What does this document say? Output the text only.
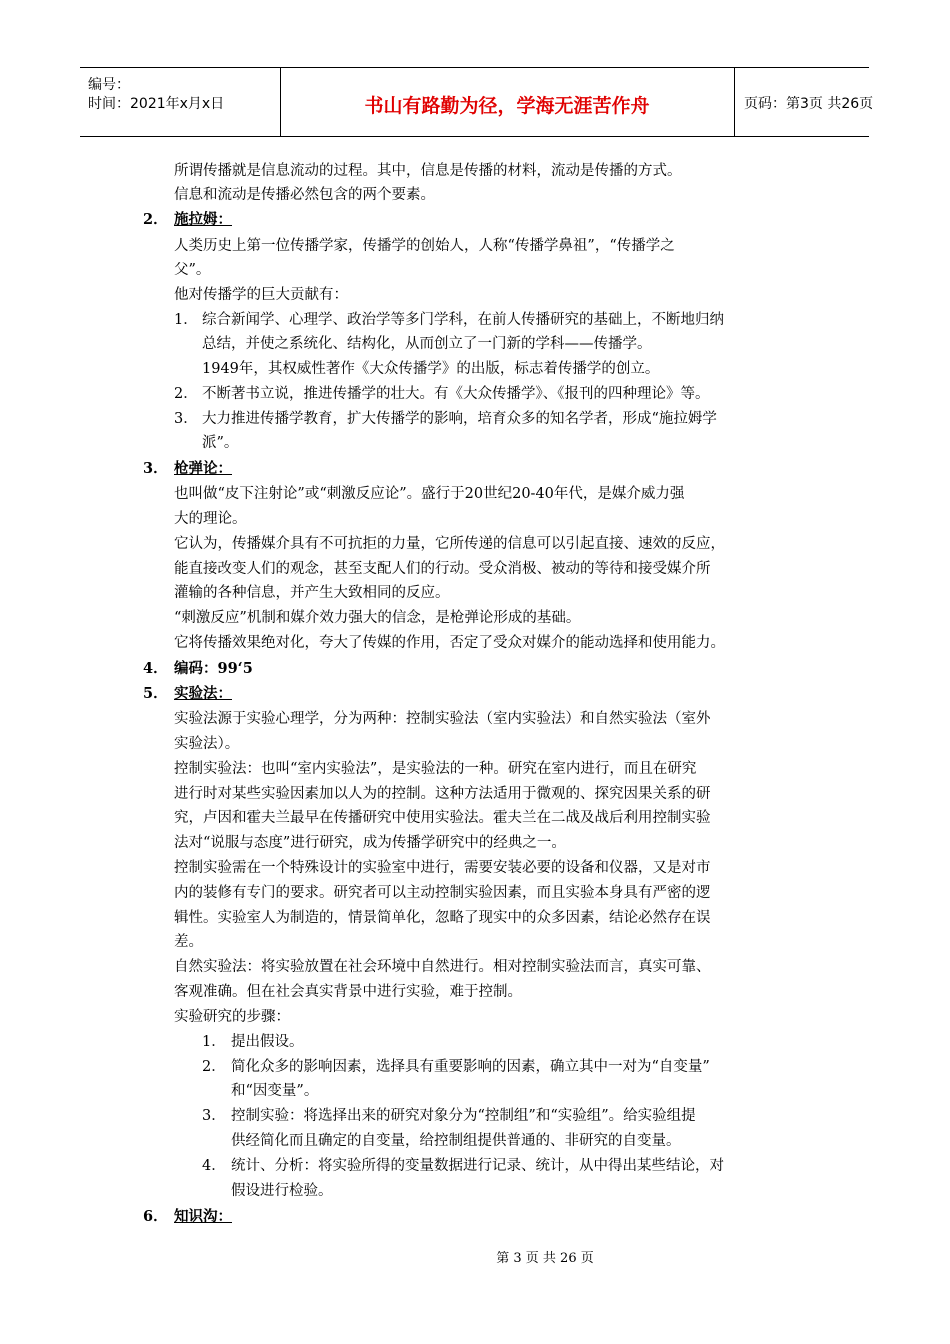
编号：
时间：2021年x月x日	书山有路勤为径，学海无涯苦作舟	页码：第3页 共26页
所谓传播就是信息流动的过程。其中，信息是传播的材料，流动是传播的方式。
信息和流动是传播必然包含的两个要素。
2． 施拉姆：
人类历史上第一位传播学家，传播学的创始人，人称“传播学鼻祖”，“传播学之
父”。
他对传播学的巨大贡献有：
1． 综合新闻学、心理学、政治学等多门学科，在前人传播研究的基础上，不断地归纳
总结，并使之系统化、结构化，从而创立了一门新的学科——传播学。
1949年，其权威性著作《大众传播学》的出版，标志着传播学的创立。
2． 不断著书立说，推进传播学的壮大。有《大众传播学》、《报刊的四种理论》等。
3． 大力推进传播学教育，扩大传播学的影响，培育众多的知名学者，形成“施拉姆学
派”。
3． 枪弹论：
也叫做“皮下注射论”或“刺激反应论”。盛行于20世纪20-40年代，是媒介威力强
大的理论。
它认为，传播媒介具有不可抗拒的力量，它所传递的信息可以引起直接、速效的反应，
能直接改变人们的观念，甚至支配人们的行动。受众消极、被动的等待和接受媒介所
灌输的各种信息，并产生大致相同的反应。
“刺激反应”机制和媒介效力强大的信念，是枪弹论形成的基础。
它将传播效果绝对化，夸大了传媒的作用，否定了受众对媒介的能动选择和使用能力。
4． 编码：99‘5
5． 实验法：
实验法源于实验心理学，分为两种：控制实验法（室内实验法）和自然实验法（室外
实验法）。
控制实验法：也叫“室内实验法”，是实验法的一种。研究在室内进行，而且在研究
进行时对某些实验因素加以人为的控制。这种方法适用于微观的、探究因果关系的研
究，卢因和霍夫兰最早在传播研究中使用实验法。霍夫兰在二战及战后利用控制实验
法对“说服与态度”进行研究，成为传播学研究中的经典之一。
控制实验需在一个特殊设计的实验室中进行，需要安装必要的设备和仪器，又是对市
内的装修有专门的要求。研究者可以主动控制实验因素，而且实验本身具有严密的逻
辑性。实验室人为制造的，情景简单化，忽略了现实中的众多因素，结论必然存在误
差。
自然实验法：将实验放置在社会环境中自然进行。相对控制实验法而言，真实可靠、
客观准确。但在社会真实背景中进行实验，难于控制。
实验研究的步骤：
1． 提出假设。
2． 简化众多的影响因素，选择具有重要影响的因素，确立其中一对为“自变量”
和“因变量”。
3． 控制实验：将选择出来的研究对象分为“控制组”和“实验组”。给实验组提
供经简化而且确定的自变量，给控制组提供普通的、非研究的自变量。
4． 统计、分析：将实验所得的变量数据进行记录、统计，从中得出某些结论，对
假设进行检验。
6． 知识沟：
第 3 页 共 26 页
